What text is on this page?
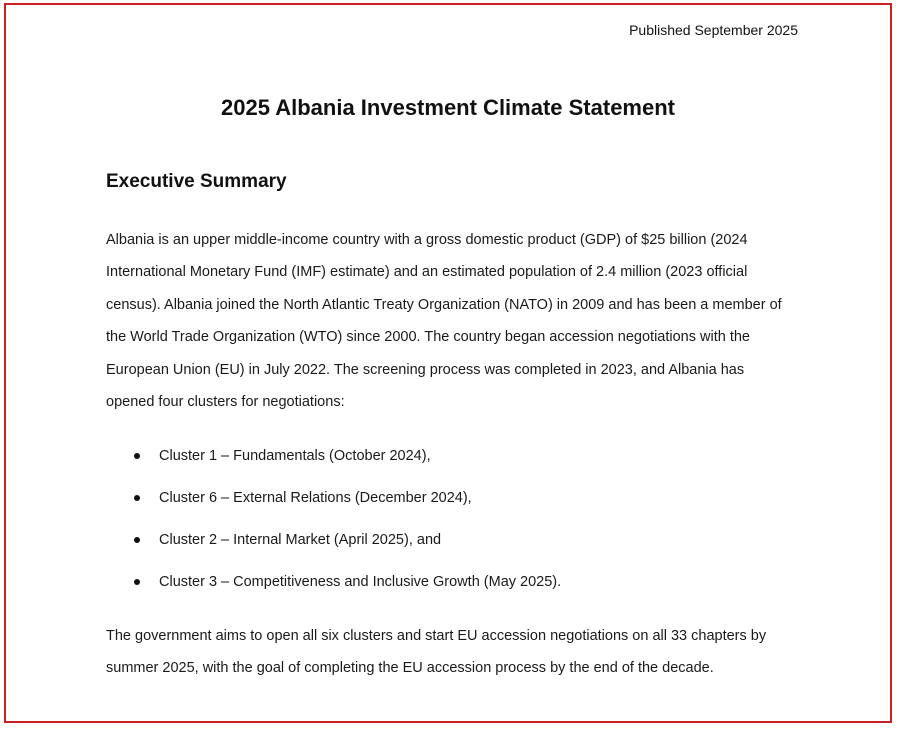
Published September 2025
2025 Albania Investment Climate Statement
Executive Summary

Albania is an upper middle-income country with a gross domestic product (GDP) of $25 billion (2024 International Monetary Fund (IMF) estimate) and an estimated population of 2.4 million (2023 official census). Albania joined the North Atlantic Treaty Organization (NATO) in 2009 and has been a member of the World Trade Organization (WTO) since 2000. The country began accession negotiations with the European Union (EU) in July 2022. The screening process was completed in 2023, and Albania has opened four clusters for negotiations:

Cluster 1 – Fundamentals (October 2024),
Cluster 6 – External Relations (December 2024),
Cluster 2 – Internal Market (April 2025), and
Cluster 3 – Competitiveness and Inclusive Growth (May 2025).

The government aims to open all six clusters and start EU accession negotiations on all 33 chapters by summer 2025, with the goal of completing the EU accession process by the end of the decade.
